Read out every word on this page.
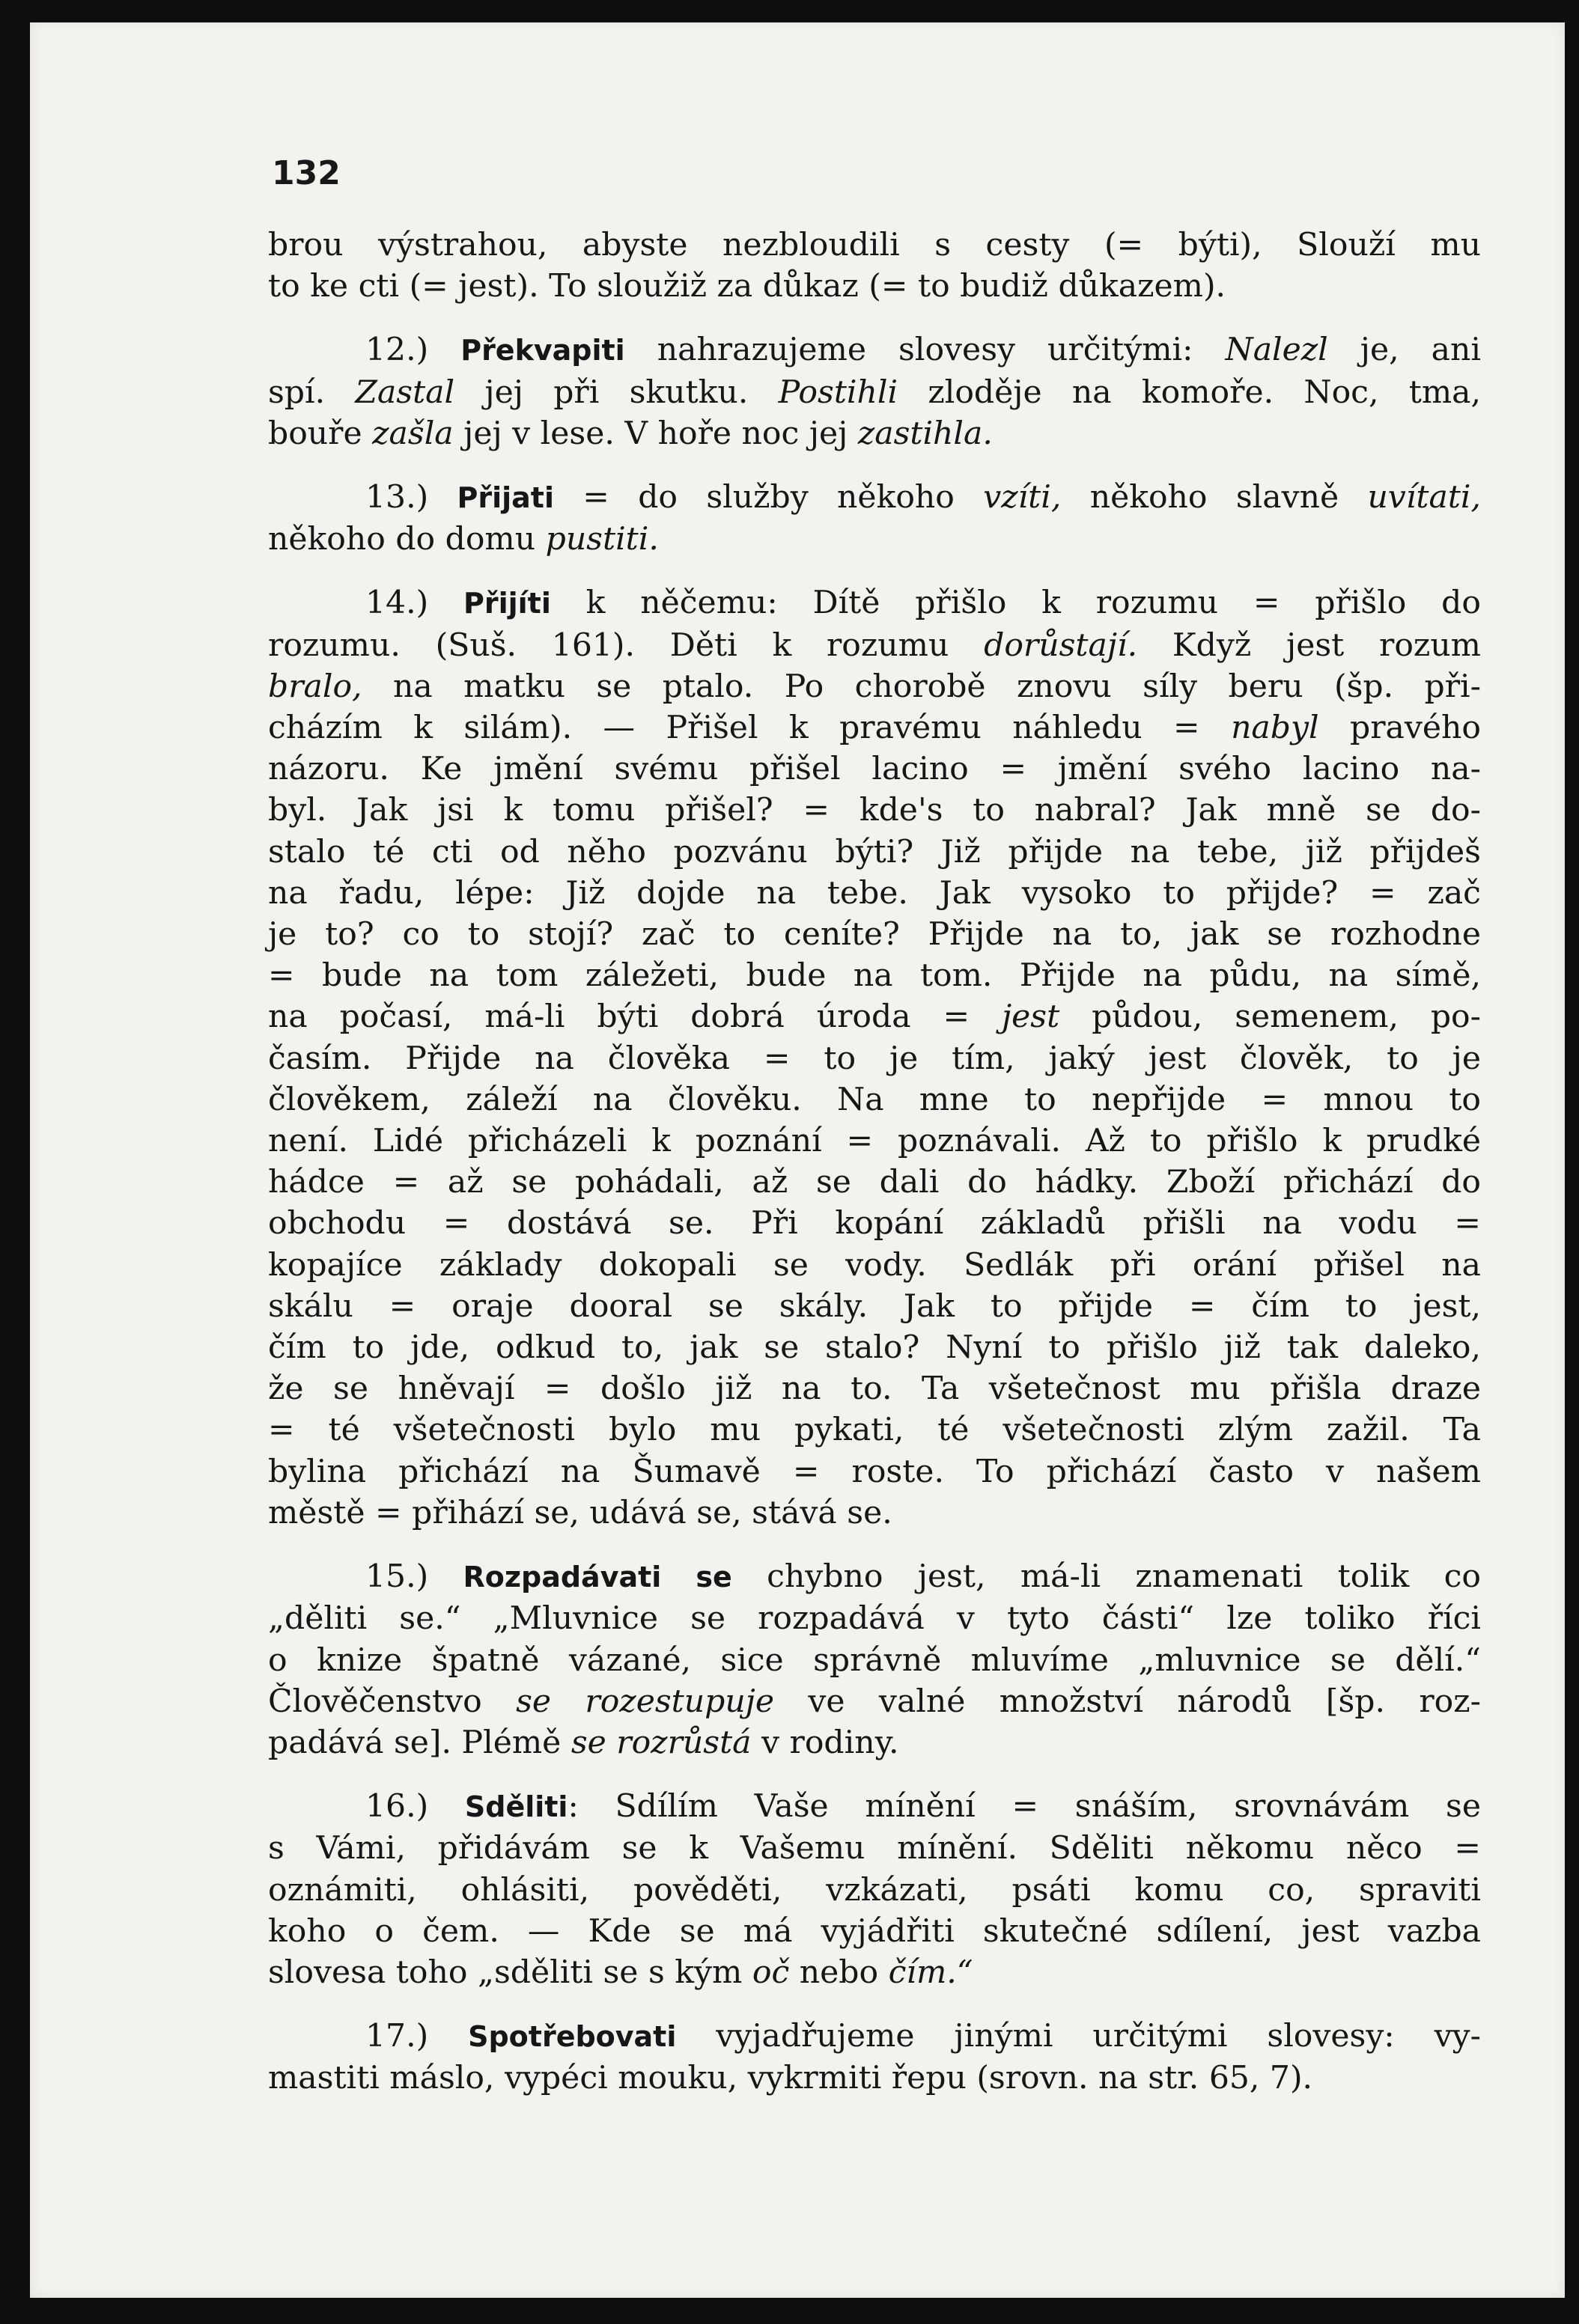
132
brou výstrahou, abyste nezbloudili s cesty (= býti), Slouží mu
to ke cti (= jest). To sloužiž za důkaz (= to budiž důkazem).
12.) Překvapiti nahrazujeme slovesy určitými: Nalezl je, ani
spí. Zastal jej při skutku. Postihli zloděje na komoře. Noc, tma,
bouře zašla jej v lese. V hoře noc jej zastihla.
13.) Přijati = do služby někoho vzíti, někoho slavně uvítati,
někoho do domu pustiti.
14.) Přijíti k něčemu: Dítě přišlo k rozumu = přišlo do
rozumu. (Suš. 161). Děti k rozumu dorůstají. Když jest rozum
bralo, na matku se ptalo. Po chorobě znovu síly beru (šp. při-
cházím k silám). — Přišel k pravému náhledu = nabyl pravého
názoru. Ke jmění svému přišel lacino = jmění svého lacino na-
byl. Jak jsi k tomu přišel? = kde's to nabral? Jak mně se do-
stalo té cti od něho pozvánu býti? Již přijde na tebe, již přijdeš
na řadu, lépe: Již dojde na tebe. Jak vysoko to přijde? = zač
je to? co to stojí? zač to ceníte? Přijde na to, jak se rozhodne
= bude na tom záležeti, bude na tom. Přijde na půdu, na símě,
na počasí, má-li býti dobrá úroda = jest půdou, semenem, po-
časím. Přijde na člověka = to je tím, jaký jest člověk, to je
člověkem, záleží na člověku. Na mne to nepřijde = mnou to
není. Lidé přicházeli k poznání = poznávali. Až to přišlo k prudké
hádce = až se pohádali, až se dali do hádky. Zboží přichází do
obchodu = dostává se. Při kopání základů přišli na vodu =
kopajíce základy dokopali se vody. Sedlák při orání přišel na
skálu = oraje dooral se skály. Jak to přijde = čím to jest,
čím to jde, odkud to, jak se stalo? Nyní to přišlo již tak daleko,
že se hněvají = došlo již na to. Ta všetečnost mu přišla draze
= té všetečnosti bylo mu pykati, té všetečnosti zlým zažil. Ta
bylina přichází na Šumavě = roste. To přichází často v našem
městě = přihází se, udává se, stává se.
15.) Rozpadávati se chybno jest, má-li znamenati tolik co
„děliti se.“ „Mluvnice se rozpadává v tyto části“ lze toliko říci
o knize špatně vázané, sice správně mluvíme „mluvnice se dělí.“
Člověčenstvo se rozestupuje ve valné množství národů [šp. roz-
padává se]. Plémě se rozrůstá v rodiny.
16.) Sděliti: Sdílím Vaše mínění = snáším, srovnávám se
s Vámi, přidávám se k Vašemu mínění. Sděliti někomu něco =
oznámiti, ohlásiti, pověděti, vzkázati, psáti komu co, spraviti
koho o čem. — Kde se má vyjádřiti skutečné sdílení, jest vazba
slovesa toho „sděliti se s kým oč nebo čím.“
17.) Spotřebovati vyjadřujeme jinými určitými slovesy: vy-
mastiti máslo, vypéci mouku, vykrmiti řepu (srovn. na str. 65, 7).
